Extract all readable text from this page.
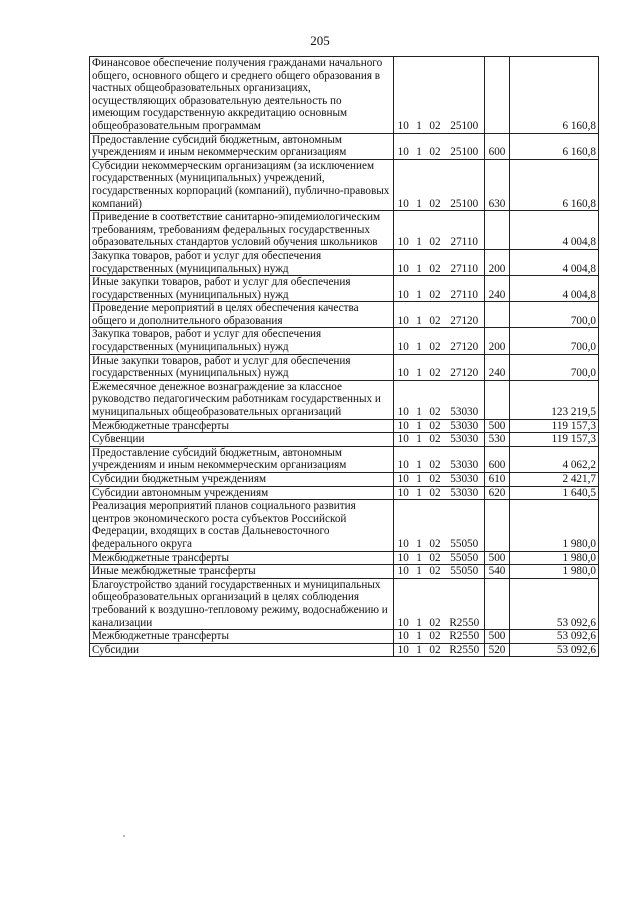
205
Финансовое обеспечение получения гражданами начального общего, основного общего и среднего общего образования в частных общеобразовательных организациях, осуществляющих образовательную деятельность по имеющим государственную аккредитацию основным общеобразовательным программам	10	1	02	25100		6 160,8
Предоставление субсидий бюджетным, автономным учреждениям и иным некоммерческим организациям	10	1	02	25100	600	6 160,8
Субсидии некоммерческим организациям (за исключением государственных (муниципальных) учреждений, государственных корпораций (компаний), публично-правовых компаний)	10	1	02	25100	630	6 160,8
Приведение в соответствие санитарно-эпидемиологическим требованиям, требованиям федеральных государственных образовательных стандартов условий обучения школьников	10	1	02	27110		4 004,8
Закупка товаров, работ и услуг для обеспечения государственных (муниципальных) нужд	10	1	02	27110	200	4 004,8
Иные закупки товаров, работ и услуг для обеспечения государственных (муниципальных) нужд	10	1	02	27110	240	4 004,8
Проведение мероприятий в целях обеспечения качества общего и дополнительного образования	10	1	02	27120		700,0
Закупка товаров, работ и услуг для обеспечения государственных (муниципальных) нужд	10	1	02	27120	200	700,0
Иные закупки товаров, работ и услуг для обеспечения государственных (муниципальных) нужд	10	1	02	27120	240	700,0
Ежемесячное денежное вознаграждение за классное руководство педагогическим работникам государственных и муниципальных общеобразовательных организаций	10	1	02	53030		123 219,5
Межбюджетные трансферты	10	1	02	53030	500	119 157,3
Субвенции	10	1	02	53030	530	119 157,3
Предоставление субсидий бюджетным, автономным учреждениям и иным некоммерческим организациям	10	1	02	53030	600	4 062,2
Субсидии бюджетным учреждениям	10	1	02	53030	610	2 421,7
Субсидии автономным учреждениям	10	1	02	53030	620	1 640,5
Реализация мероприятий планов социального развития центров экономического роста субъектов Российской Федерации, входящих в состав Дальневосточного федерального округа	10	1	02	55050		1 980,0
Межбюджетные трансферты	10	1	02	55050	500	1 980,0
Иные межбюджетные трансферты	10	1	02	55050	540	1 980,0
Благоустройство зданий государственных и муниципальных общеобразовательных организаций в целях соблюдения требований к воздушно-тепловому режиму, водоснабжению и канализации	10	1	02	R2550		53 092,6
Межбюджетные трансферты	10	1	02	R2550	500	53 092,6
Субсидии	10	1	02	R2550	520	53 092,6
